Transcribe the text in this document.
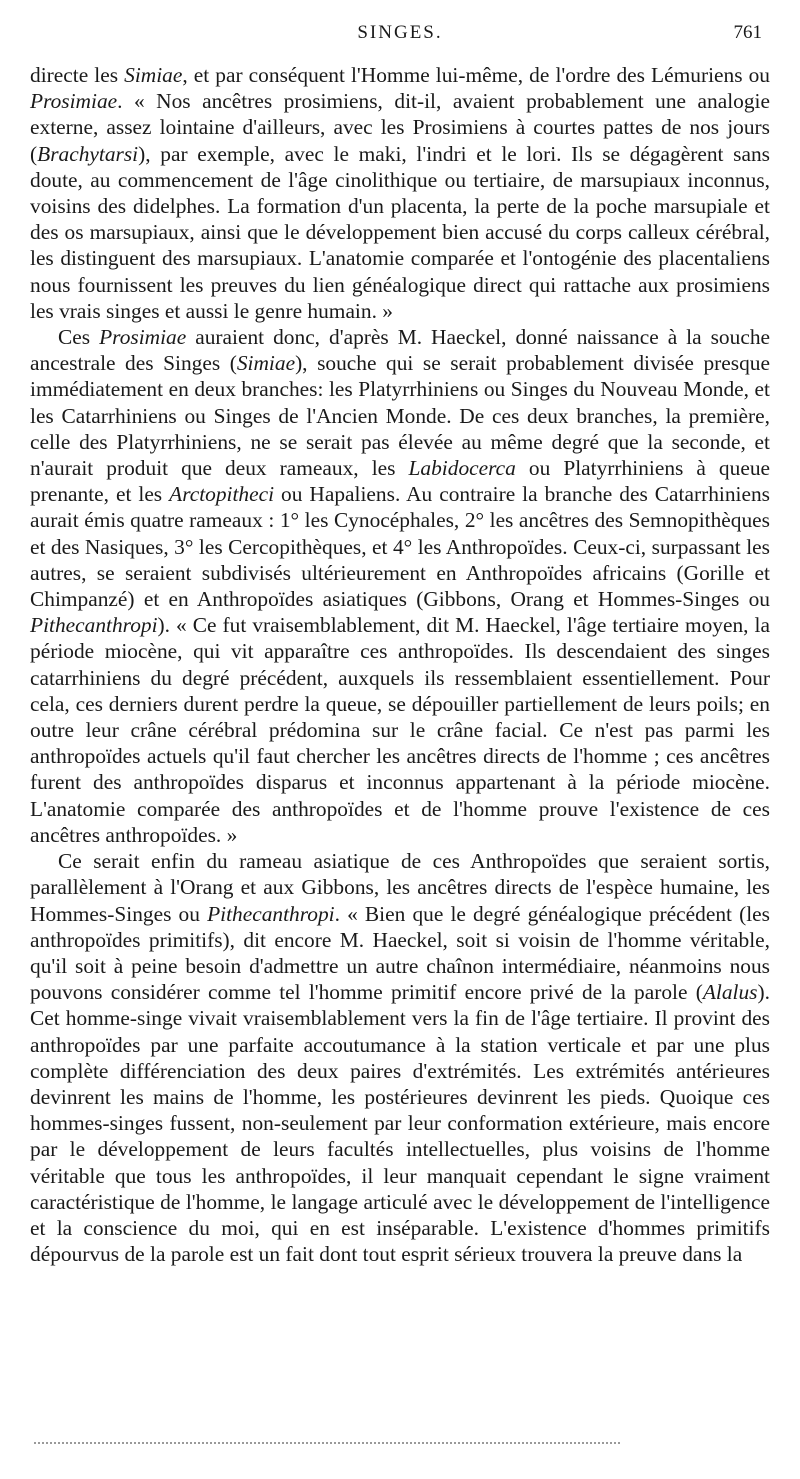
SINGES.	761

directe les Simiae, et par conséquent l'Homme lui-même, de l'ordre des Lémuriens ou Prosimiae. « Nos ancêtres prosimiens, dit-il, avaient probablement une analogie externe, assez lointaine d'ailleurs, avec les Prosimiens à courtes pattes de nos jours (Brachytarsi), par exemple, avec le maki, l'indri et le lori. Ils se dégagèrent sans doute, au commencement de l'âge cinolithique ou tertiaire, de marsupiaux inconnus, voisins des didelphes. La formation d'un placenta, la perte de la poche marsupiale et des os marsupiaux, ainsi que le développement bien accusé du corps calleux cérébral, les distinguent des marsupiaux. L'anatomie comparée et l'ontogénie des placentaliens nous fournissent les preuves du lien généalogique direct qui rattache aux prosimiens les vrais singes et aussi le genre humain. »

Ces Prosimiae auraient donc, d'après M. Haeckel, donné naissance à la souche ancestrale des Singes (Simiae), souche qui se serait probablement divisée presque immédiatement en deux branches: les Platyrrhiniens ou Singes du Nouveau Monde, et les Catarrhiniens ou Singes de l'Ancien Monde. De ces deux branches, la première, celle des Platyrrhiniens, ne se serait pas élevée au même degré que la seconde, et n'aurait produit que deux rameaux, les Labidocerca ou Platyrrhiniens à queue prenante, et les Arctopitheci ou Hapaliens. Au contraire la branche des Catarrhiniens aurait émis quatre rameaux : 1° les Cynocéphales, 2° les ancêtres des Semnopithèques et des Nasiques, 3° les Cercopithèques, et 4° les Anthropoïdes. Ceux-ci, surpassant les autres, se seraient subdivisés ultérieurement en Anthropoïdes africains (Gorille et Chimpanzé) et en Anthropoïdes asiatiques (Gibbons, Orang et Hommes-Singes ou Pithecanthropi). « Ce fut vraisemblablement, dit M. Haeckel, l'âge tertiaire moyen, la période miocène, qui vit apparaître ces anthropoïdes. Ils descendaient des singes catarrhiniens du degré précédent, auxquels ils ressemblaient essentiellement. Pour cela, ces derniers durent perdre la queue, se dépouiller partiellement de leurs poils; en outre leur crâne cérébral prédomina sur le crâne facial. Ce n'est pas parmi les anthropoïdes actuels qu'il faut chercher les ancêtres directs de l'homme ; ces ancêtres furent des anthropoïdes disparus et inconnus appartenant à la période miocène. L'anatomie comparée des anthropoïdes et de l'homme prouve l'existence de ces ancêtres anthropoïdes. »

Ce serait enfin du rameau asiatique de ces Anthropoïdes que seraient sortis, parallèlement à l'Orang et aux Gibbons, les ancêtres directs de l'espèce humaine, les Hommes-Singes ou Pithecanthropi. « Bien que le degré généalogique précédent (les anthropoïdes primitifs), dit encore M. Haeckel, soit si voisin de l'homme véritable, qu'il soit à peine besoin d'admettre un autre chaînon intermédiaire, néanmoins nous pouvons considérer comme tel l'homme primitif encore privé de la parole (Alalus). Cet homme-singe vivait vraisemblablement vers la fin de l'âge tertiaire. Il provint des anthropoïdes par une parfaite accoutumance à la station verticale et par une plus complète différenciation des deux paires d'extrémités. Les extrémités antérieures devinrent les mains de l'homme, les postérieures devinrent les pieds. Quoique ces hommes-singes fussent, non-seulement par leur conformation extérieure, mais encore par le développement de leurs facultés intellectuelles, plus voisins de l'homme véritable que tous les anthropoïdes, il leur manquait cependant le signe vraiment caractéristique de l'homme, le langage articulé avec le développement de l'intelligence et la conscience du moi, qui en est inséparable. L'existence d'hommes primitifs dépourvus de la parole est un fait dont tout esprit sérieux trouvera la preuve dans la
